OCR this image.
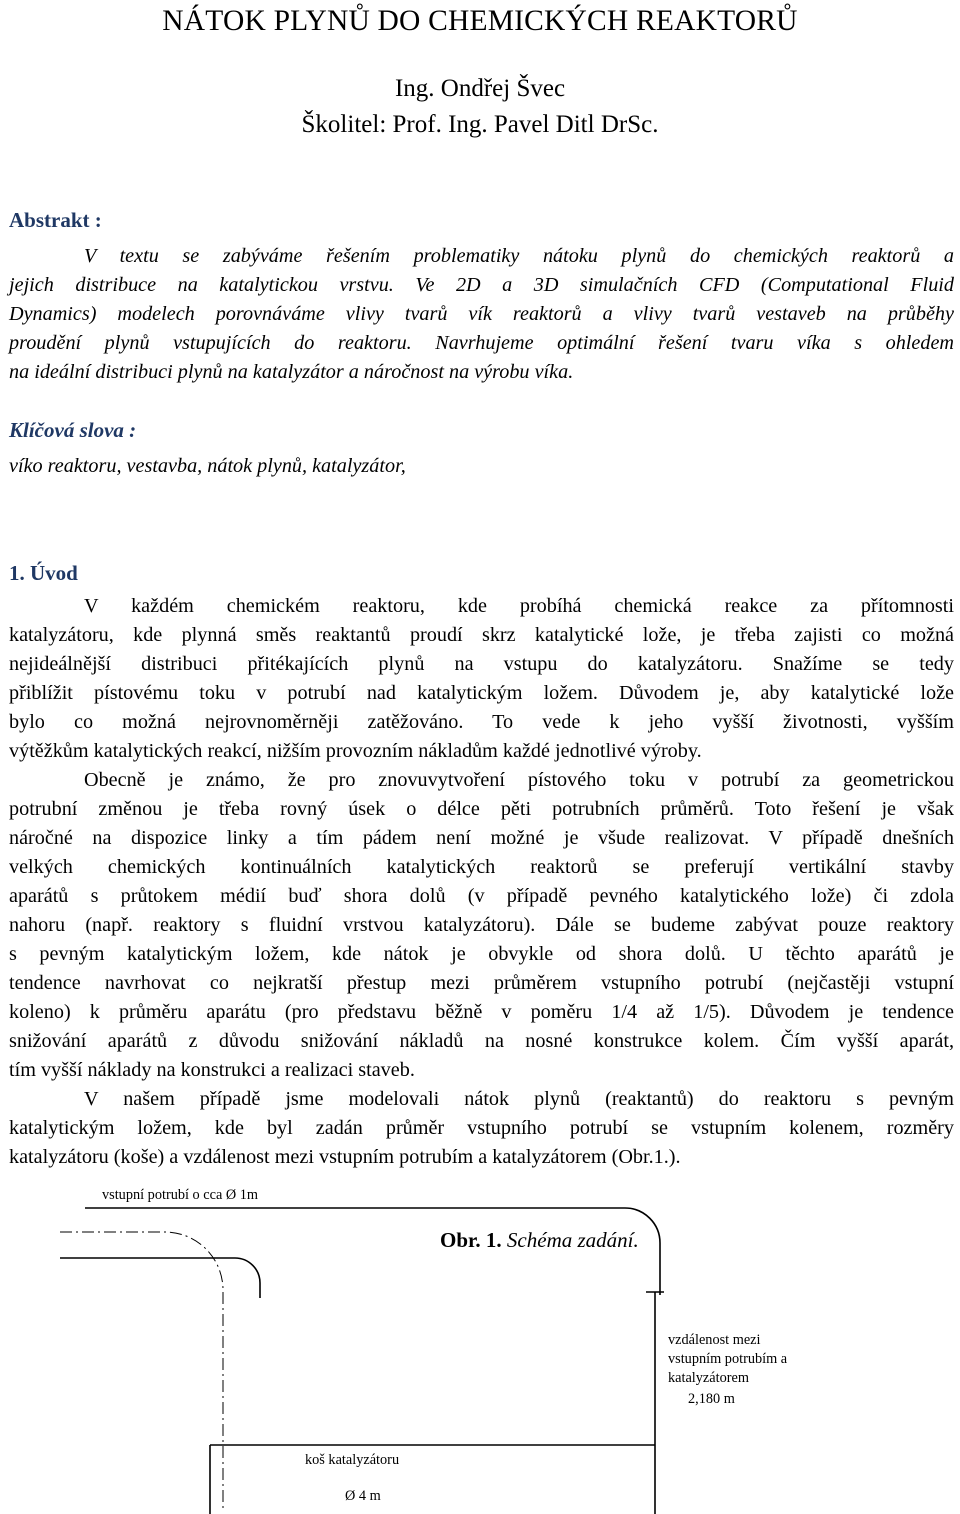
NÁTOK PLYNŮ DO CHEMICKÝCH REAKTORŮ
Ing. Ondřej Švec
Školitel: Prof. Ing. Pavel Ditl DrSc.
Abstrakt :
V textu se zabýváme řešením problematiky nátoku plynů do chemických reaktorů a
jejich distribuce na katalytickou vrstvu. Ve 2D a 3D simulačních CFD (Computational Fluid
Dynamics) modelech porovnáváme vlivy tvarů vík reaktorů a vlivy tvarů vestaveb na průběhy
proudění plynů vstupujících do reaktoru. Navrhujeme optimální řešení tvaru víka s ohledem
na ideální distribuci plynů na katalyzátor a náročnost na výrobu víka.
Klíčová slova :
víko reaktoru, vestavba, nátok plynů, katalyzátor,
1. Úvod
V každém chemickém reaktoru, kde probíhá chemická reakce za přítomnosti
katalyzátoru, kde plynná směs reaktantů proudí skrz katalytické lože, je třeba zajisti co možná
nejideálnější distribuci přitékajících plynů na vstupu do katalyzátoru. Snažíme se tedy
přiblížit pístovému toku v potrubí nad katalytickým ložem. Důvodem je, aby katalytické lože
bylo co možná nejrovnoměrněji zatěžováno. To vede k jeho vyšší životnosti, vyšším
výtěžkům katalytických reakcí, nižším provozním nákladům každé jednotlivé výroby.
Obecně je známo, že pro znovuvytvoření pístového toku v potrubí za geometrickou
potrubní změnou je třeba rovný úsek o délce pěti potrubních průměrů. Toto řešení je však
náročné na dispozice linky a tím pádem není možné je všude realizovat. V případě dnešních
velkých chemických kontinuálních katalytických reaktorů se preferují vertikální stavby
aparátů s průtokem médií buď shora dolů (v případě pevného katalytického lože) či zdola
nahoru (např. reaktory s fluidní vrstvou katalyzátoru). Dále se budeme zabývat pouze reaktory
s pevným katalytickým ložem, kde nátok je obvykle od shora dolů. U těchto aparátů je
tendence navrhovat co nejkratší přestup mezi průměrem vstupního potrubí (nejčastěji vstupní
koleno) k průměru aparátu (pro představu běžně v poměru 1/4 až 1/5). Důvodem je tendence
snižování aparátů z důvodu snižování nákladů na nosné konstrukce kolem. Čím vyšší aparát,
tím vyšší náklady na konstrukci a realizaci staveb.
V našem případě jsme modelovali nátok plynů (reaktantů) do reaktoru s pevným
katalytickým ložem, kde byl zadán průměr vstupního potrubí se vstupním kolenem, rozměry
katalyzátoru (koše) a vzdálenost mezi vstupním potrubím a katalyzátorem (Obr.1.).
vstupní potrubí o cca Ø 1m
Obr. 1. Schéma zadání.
vzdálenost mezi
vstupním potrubím a
katalyzátorem
2,180 m
koš katalyzátoru
Ø 4 m
